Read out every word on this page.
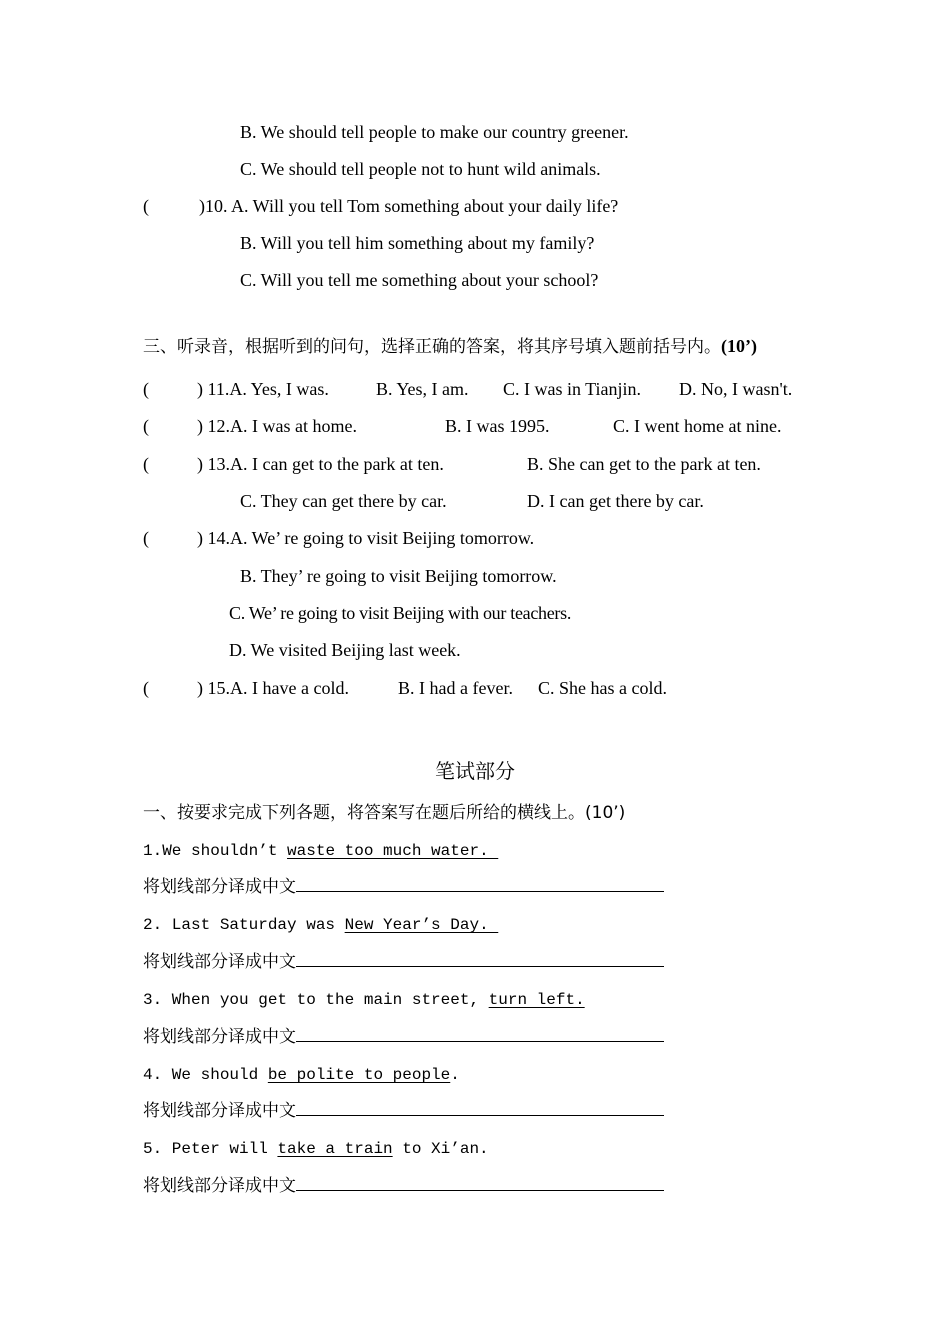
B. We should tell people to make our country greener.
C. We should tell people not to hunt wild animals.
(	)10. A. Will you tell Tom something about your daily life?
B. Will you tell him something about my family?
C. Will you tell me something about your school?
三、听录音，根据听到的问句，选择正确的答案，将其序号填入题前括号内。(10’)
(	) 11.A. Yes, I was.	B. Yes, I am. C. I was in Tianjin. D. No, I wasn't.
(	) 12.A. I was at home.	B. I was 1995.	C. I went home at nine.
(	) 13.A. I can get to the park at ten.	B. She can get to the park at ten.
C. They can get there by car.	D. I can get there by car.
(	) 14.A. We’ re going to visit Beijing tomorrow.
B. They’ re going to visit Beijing tomorrow.
C. We’ re going to visit Beijing with our teachers.
D. We visited Beijing last week.
(	) 15.A. I have a cold.	B. I had a fever. C. She has a cold.
笔试部分
一、按要求完成下列各题，将答案写在题后所给的横线上。(10’)
1.We shouldn’t waste too much water.
将划线部分译成中文
2. Last Saturday was New Year’s Day.
将划线部分译成中文
3. When you get to the main street, turn left.
将划线部分译成中文
4. We should be polite to people.
将划线部分译成中文
5. Peter will take a train to Xi’an.
将划线部分译成中文
